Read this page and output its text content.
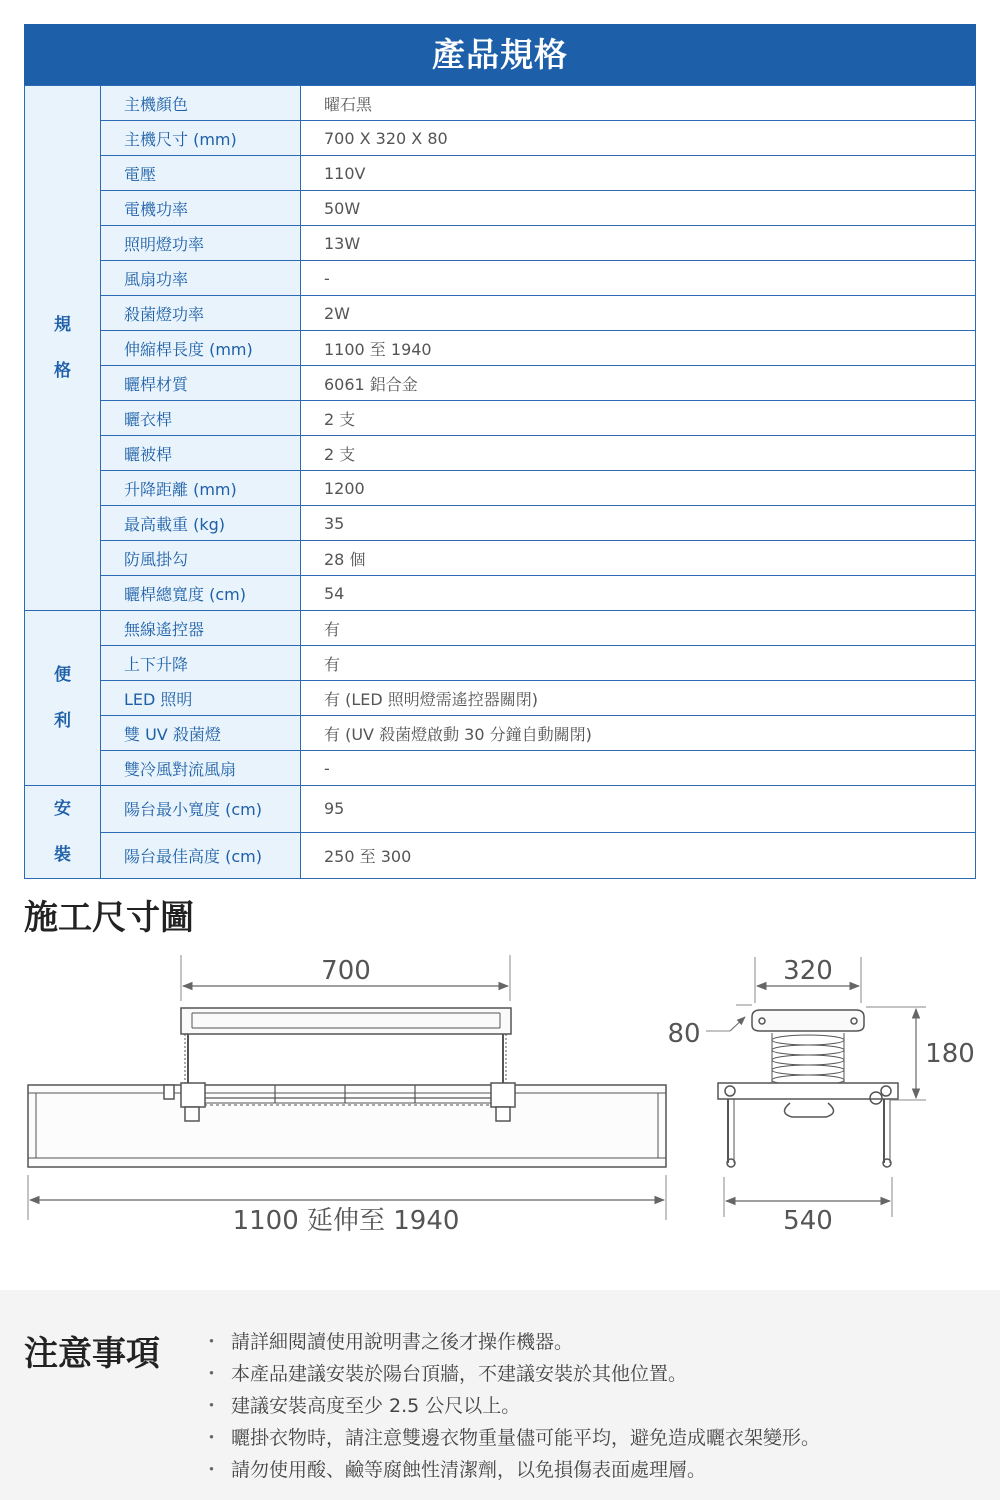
產品規格
規格	主機顏色	曜石黑
	主機尺寸 (mm)	700 X 320 X 80
	電壓	110V
	電機功率	50W
	照明燈功率	13W
	風扇功率	-
	殺菌燈功率	2W
	伸縮桿長度 (mm)	1100 至 1940
	曬桿材質	6061 鋁合金
	曬衣桿	2 支
	曬被桿	2 支
	升降距離 (mm)	1200
	最高載重 (kg)	35
	防風掛勾	28 個
	曬桿總寬度 (cm)	54
便利	無線遙控器	有
	上下升降	有
	LED 照明	有 (LED 照明燈需遙控器關閉)
	雙 UV 殺菌燈	有 (UV 殺菌燈啟動 30 分鐘自動關閉)
	雙冷風對流風扇	-
安裝	陽台最小寬度 (cm)	95
	陽台最佳高度 (cm)	250 至 300
施工尺寸圖
700
1100 延伸至 1940
320
80
180
540
注意事項 ・ 請詳細閱讀使用說明書之後才操作機器。
・ 本產品建議安裝於陽台頂牆，不建議安裝於其他位置。
・ 建議安裝高度至少 2.5 公尺以上。
・ 曬掛衣物時，請注意雙邊衣物重量儘可能平均，避免造成曬衣架變形。
・ 請勿使用酸、鹼等腐蝕性清潔劑，以免損傷表面處理層。
